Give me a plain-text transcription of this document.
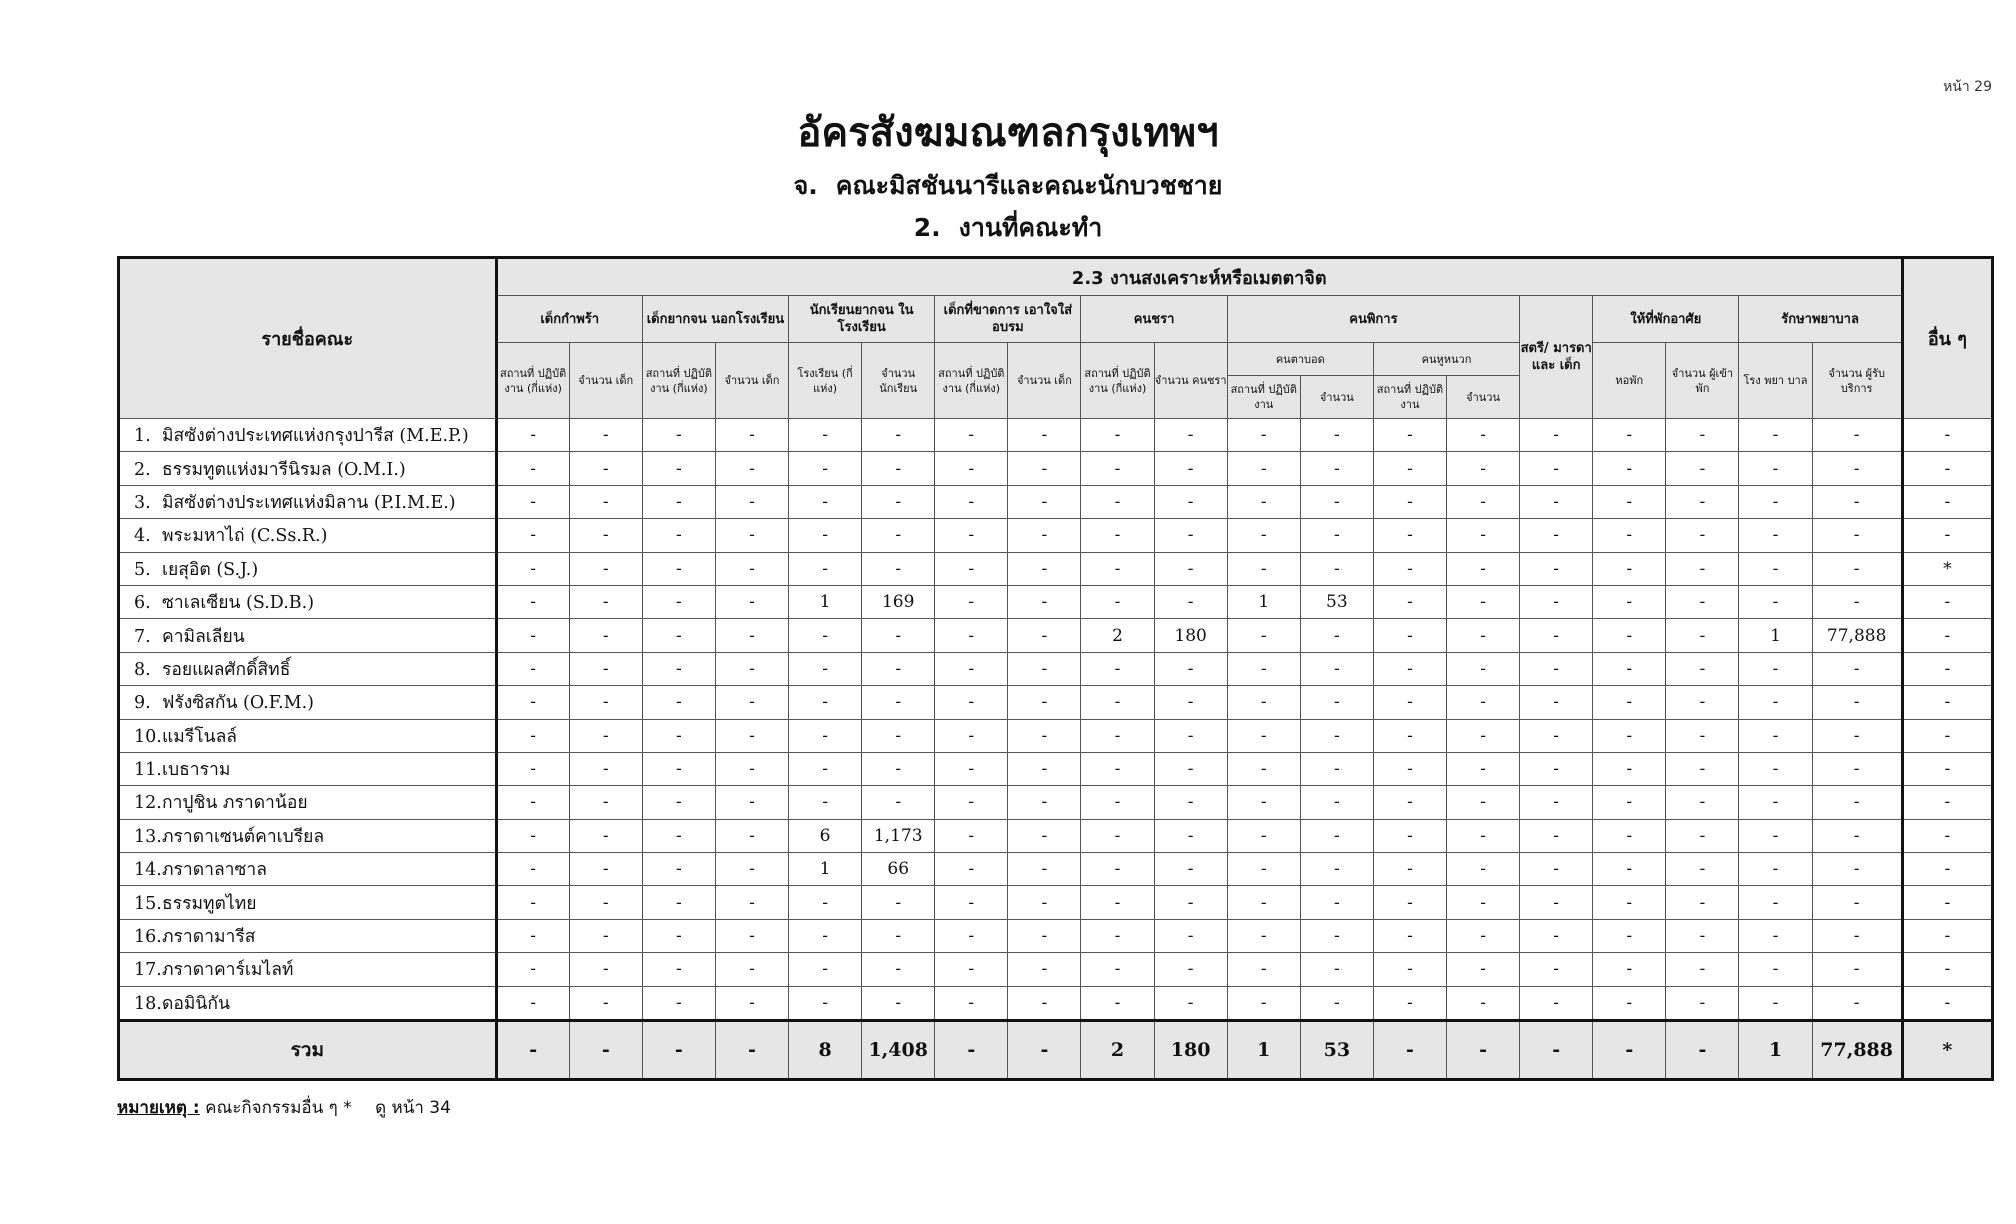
หน้า 29
อัครสังฆมณฑลกรุงเทพฯ
จ. คณะมิสชันนารีและคณะนักบวชชาย
2. งานที่คณะทำ
รายชื่อคณะ	2.3 งานสงเคราะห์หรือเมตตาจิต																			อื่น ๆ
	เด็กกำพร้า		เด็กยากจน นอกโรงเรียน		นักเรียนยากจน ในโรงเรียน		เด็กที่ขาดการ เอาใจใส่อบรม		คนชรา		คนพิการ				สตรี/ มารดา และ เด็ก	ให้ที่พักอาศัย		รักษาพยาบาล		
	สถานที่ ปฏิบัติงาน (กี่แห่ง)	จำนวน เด็ก	สถานที่ ปฏิบัติงาน (กี่แห่ง)	จำนวน เด็ก	โรงเรียน (กี่แห่ง)	จำนวน นักเรียน	สถานที่ ปฏิบัติงาน (กี่แห่ง)	จำนวน เด็ก	สถานที่ ปฏิบัติงาน (กี่แห่ง)	จำนวน คนชรา	คนตาบอด		คนหูหนวก			หอพัก	จำนวน ผู้เข้าพัก	โรง พยา บาล	จำนวน ผู้รับบริการ	
											สถานที่ ปฏิบัติงาน	จำนวน	สถานที่ ปฏิบัติงาน	จำนวน						
1. มิสซังต่างประเทศแห่งกรุงปารีส (M.E.P.)	-	-	-	-	-	-	-	-	-	-	-	-	-	-	-	-	-	-	-	-
2. ธรรมทูตแห่งมารีนิรมล (O.M.I.)	-	-	-	-	-	-	-	-	-	-	-	-	-	-	-	-	-	-	-	-
3. มิสซังต่างประเทศแห่งมิลาน (P.I.M.E.)	-	-	-	-	-	-	-	-	-	-	-	-	-	-	-	-	-	-	-	-
4. พระมหาไถ่ (C.Ss.R.)	-	-	-	-	-	-	-	-	-	-	-	-	-	-	-	-	-	-	-	-
5. เยสุอิต (S.J.)	-	-	-	-	-	-	-	-	-	-	-	-	-	-	-	-	-	-	-	*
6. ซาเลเซียน (S.D.B.)	-	-	-	-	1	169	-	-	-	-	1	53	-	-	-	-	-	-	-	-
7. คามิลเลียน	-	-	-	-	-	-	-	-	2	180	-	-	-	-	-	-	-	1	77,888	-
8. รอยแผลศักดิ์สิทธิ์	-	-	-	-	-	-	-	-	-	-	-	-	-	-	-	-	-	-	-	-
9. ฟรังซิสกัน (O.F.M.)	-	-	-	-	-	-	-	-	-	-	-	-	-	-	-	-	-	-	-	-
10.แมรีโนลล์	-	-	-	-	-	-	-	-	-	-	-	-	-	-	-	-	-	-	-	-
11.เบธาราม	-	-	-	-	-	-	-	-	-	-	-	-	-	-	-	-	-	-	-	-
12.กาปูชิน ภราดาน้อย	-	-	-	-	-	-	-	-	-	-	-	-	-	-	-	-	-	-	-	-
13.ภราดาเซนต์คาเบรียล	-	-	-	-	6	1,173	-	-	-	-	-	-	-	-	-	-	-	-	-	-
14.ภราดาลาซาล	-	-	-	-	1	66	-	-	-	-	-	-	-	-	-	-	-	-	-	-
15.ธรรมทูตไทย	-	-	-	-	-	-	-	-	-	-	-	-	-	-	-	-	-	-	-	-
16.ภราดามารีส	-	-	-	-	-	-	-	-	-	-	-	-	-	-	-	-	-	-	-	-
17.ภราดาคาร์เมไลท์	-	-	-	-	-	-	-	-	-	-	-	-	-	-	-	-	-	-	-	-
18.ดอมินิกัน	-	-	-	-	-	-	-	-	-	-	-	-	-	-	-	-	-	-	-	-
รวม	-	-	-	-	8	1,408	-	-	2	180	1	53	-	-	-	-	-	1	77,888	*
หมายเหตุ : คณะกิจกรรมอื่น ๆ * ดู หน้า 34
